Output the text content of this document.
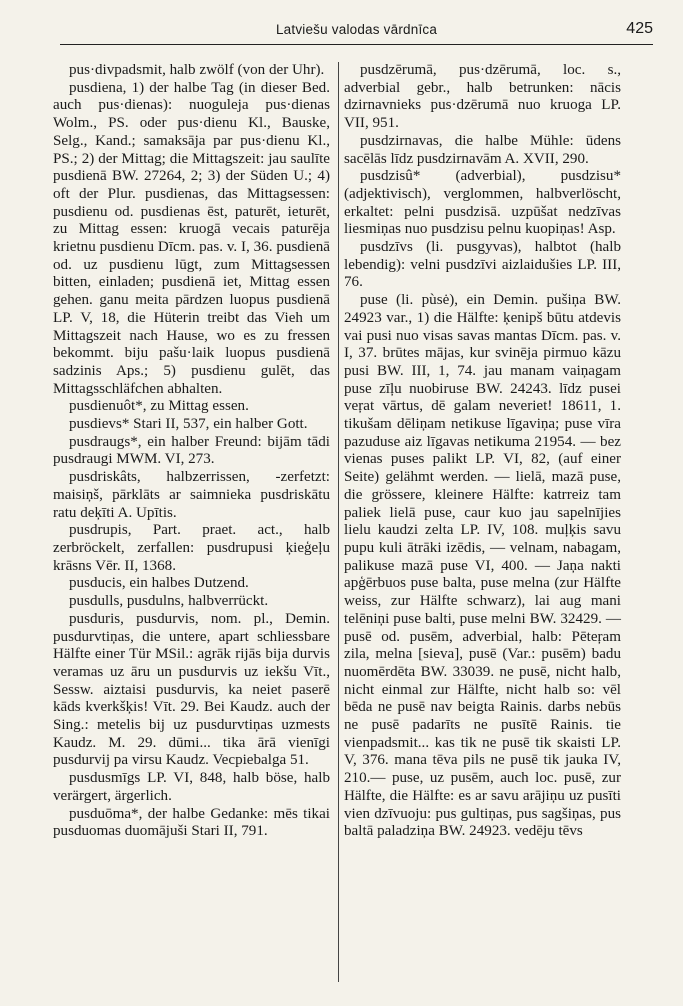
Latviešu valodas vārdnīca	425

pus·divpadsmit, halb zwölf (von der Uhr).

pusdiena, 1) der halbe Tag (in dieser Bed. auch pus·dienas): nuoguleja pus·dienas Wolm., PS. oder pus·dienu Kl., Bauske, Selg., Kand.; samaksāja par pus·dienu Kl., PS.; 2) der Mittag; die Mittagszeit: jau saulīte pusdienā BW. 27264, 2; 3) der Süden U.; 4) oft der Plur. pusdienas, das Mittagsessen: pusdienu od. pusdienas ēst, paturēt, ieturēt, zu Mittag essen: kruogā vecais paturēja krietnu pusdienu Dīcm. pas. v. I, 36. pusdienā od. uz pusdienu lūgt, zum Mittagsessen bitten, einladen; pusdienā iet, Mittag essen gehen. ganu meita pārdzen luopus pusdienā LP. V, 18, die Hüterin treibt das Vieh um Mittagszeit nach Hause, wo es zu fressen bekommt. biju pašu·laik luopus pusdienā sadzinis Aps.; 5) pusdienu gulēt, das Mittagsschläfchen abhalten.

pusdienuôt*, zu Mittag essen.

pusdievs* Stari II, 537, ein halber Gott.

pusdraugs*, ein halber Freund: bijām tādi pusdraugi MWM. VI, 273.

pusdriskâts, halbzerrissen, -zerfetzt: maisiņš, pārklāts ar saimnieka pusdriskātu ratu deķīti A. Upītis.

pusdrupis, Part. praet. act., halb zerbröckelt, zerfallen: pusdrupusi ķieģeļu krāsns Vēr. II, 1368.

pusducis, ein halbes Dutzend.

pusdulls, pusdulns, halbverrückt.

pusduris, pusdurvis, nom. pl., Demin. pusdurvtiņas, die untere, apart schliessbare Hälfte einer Tür MSil.: agrāk rijās bija durvis veramas uz āru un pusdurvis uz iekšu Vīt., Sessw. aiztaisi pusdurvis, ka neiet paserē kāds kverkšķis! Vīt. 29. Bei Kaudz. auch der Sing.: metelis bij uz pusdurvtiņas uzmests Kaudz. M. 29. dūmi... tika ārā vienīgi pusdurvij pa virsu Kaudz. Vecpiebalga 51.

pusdusmīgs LP. VI, 848, halb böse, halb verärgert, ärgerlich.

pusduōma*, der halbe Gedanke: mēs tikai pusduomas duomājuši Stari II, 791.

pusdzērumā, pus·dzērumā, loc. s., adverbial gebr., halb betrunken: nācis dzirnavnieks pus·dzērumā nuo kruoga LP. VII, 951.

pusdzirnavas, die halbe Mühle: ūdens sacēlās līdz pusdzirnavām A. XVII, 290.

pusdzisû* (adverbial), pusdzisu* (adjektivisch), verglommen, halbverlöscht, erkaltet: pelni pusdzisā. uzpūšat nedzīvas liesmiņas nuo pusdzisu pelnu kuopiņas! Asp.

pusdzīvs (li. pusgyvas), halbtot (halb lebendig): velni pusdzīvi aizlaidušies LP. III, 76.

puse (li. pùsė), ein Demin. pušiņa BW. 24923 var., 1) die Hälfte: ķenipš būtu atdevis vai pusi nuo visas savas mantas Dīcm. pas. v. I, 37. brūtes mājas, kur svinēja pirmuo kāzu pusi BW. III, 1, 74. jau manam vaiņagam puse zīļu nuobiruse BW. 24243. līdz pusei veŗat vārtus, dē galam neveriet! 18611, 1. tikušam dēliņam netikuse līgaviņa; puse vīra pazuduse aiz līgavas netikuma 21954. — bez vienas puses palikt LP. VI, 82, (auf einer Seite) gelähmt werden. — lielā, mazā puse, die grössere, kleinere Hälfte: katrreiz tam paliek lielā puse, caur kuo jau sapelnījies lielu kaudzi zelta LP. IV, 108. muļķis savu pupu kuli ātrāki izēdis, — velnam, nabagam, palikuse mazā puse VI, 400. — Jaņa nakti apģērbuos puse balta, puse melna (zur Hälfte weiss, zur Hälfte schwarz), lai aug mani telēniņi puse balti, puse melni BW. 32429. — pusē od. pusēm, adverbial, halb: Pēteŗam zila, melna [sieva], pusē (Var.: pusēm) badu nuomērdēta BW. 33039. ne pusē, nicht halb, nicht einmal zur Hälfte, nicht halb so: vēl bēda ne pusē nav beigta Rainis. darbs nebūs ne pusē padarīts ne pusītē Rainis. tie vienpadsmit... kas tik ne pusē tik skaisti LP. V, 376. mana tēva pils ne pusē tik jauka IV, 210.— puse, uz pusēm, auch loc. pusē, zur Hälfte, die Hälfte: es ar savu arājiņu uz pusīti vien dzīvuoju: pus gultiņas, pus sagšiņas, pus baltā paladziņa BW. 24923. vedēju tēvs
